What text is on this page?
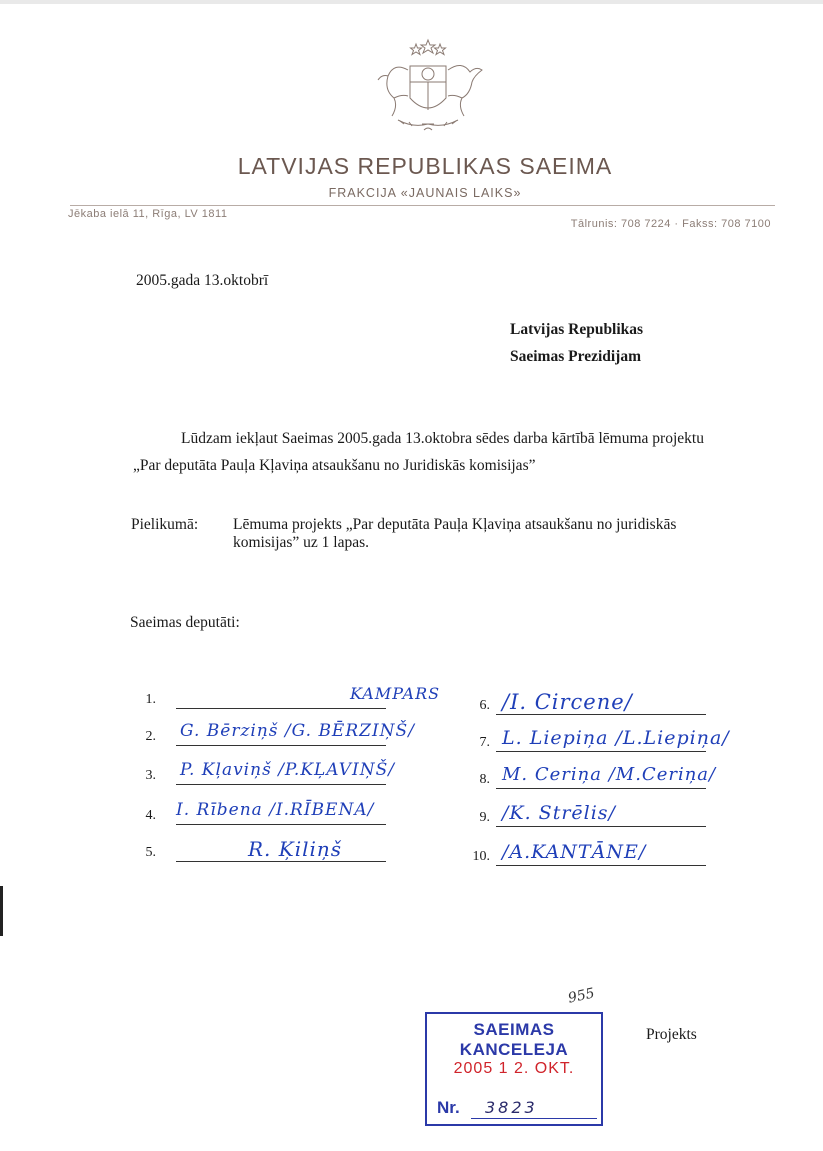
LATVIJAS REPUBLIKAS SAEIMA
FRAKCIJA «JAUNAIS LAIKS»
Jēkaba ielā 11, Rīga, LV 1811
Tālrunis: 708 7224 · Fakss: 708 7100
2005.gada 13.oktobrī
Latvijas Republikas
Saeimas Prezidijam
Lūdzam iekļaut Saeimas 2005.gada 13.oktobra sēdes darba kārtībā lēmuma projektu „Par deputāta Pauļa Kļaviņa atsaukšanu no Juridiskās komisijas”
Pielikumā: Lēmuma projekts „Par deputāta Pauļa Kļaviņa atsaukšanu no juridiskās komisijas” uz 1 lapas.
Saeimas deputāti:
1.	KAMPARS
2. G. Bērziņš /G. BĒRZIŅŠ/
3. P. Kļaviņš /P.KĻAVIŅŠ/
4. I. Rībena /I.RĪBENA/
5.	R. Ķiliņš
6. /I. Circene/
7. L. Liepiņa /L.Liepiņa/
8. M. Ceriņa /M.Ceriņa/
9. /K. Strēlis/
10. /A.KANTĀNE/
955
SAEIMAS KANCELEJA
2005 1 2. OKT.
Nr. 3823
Projekts
